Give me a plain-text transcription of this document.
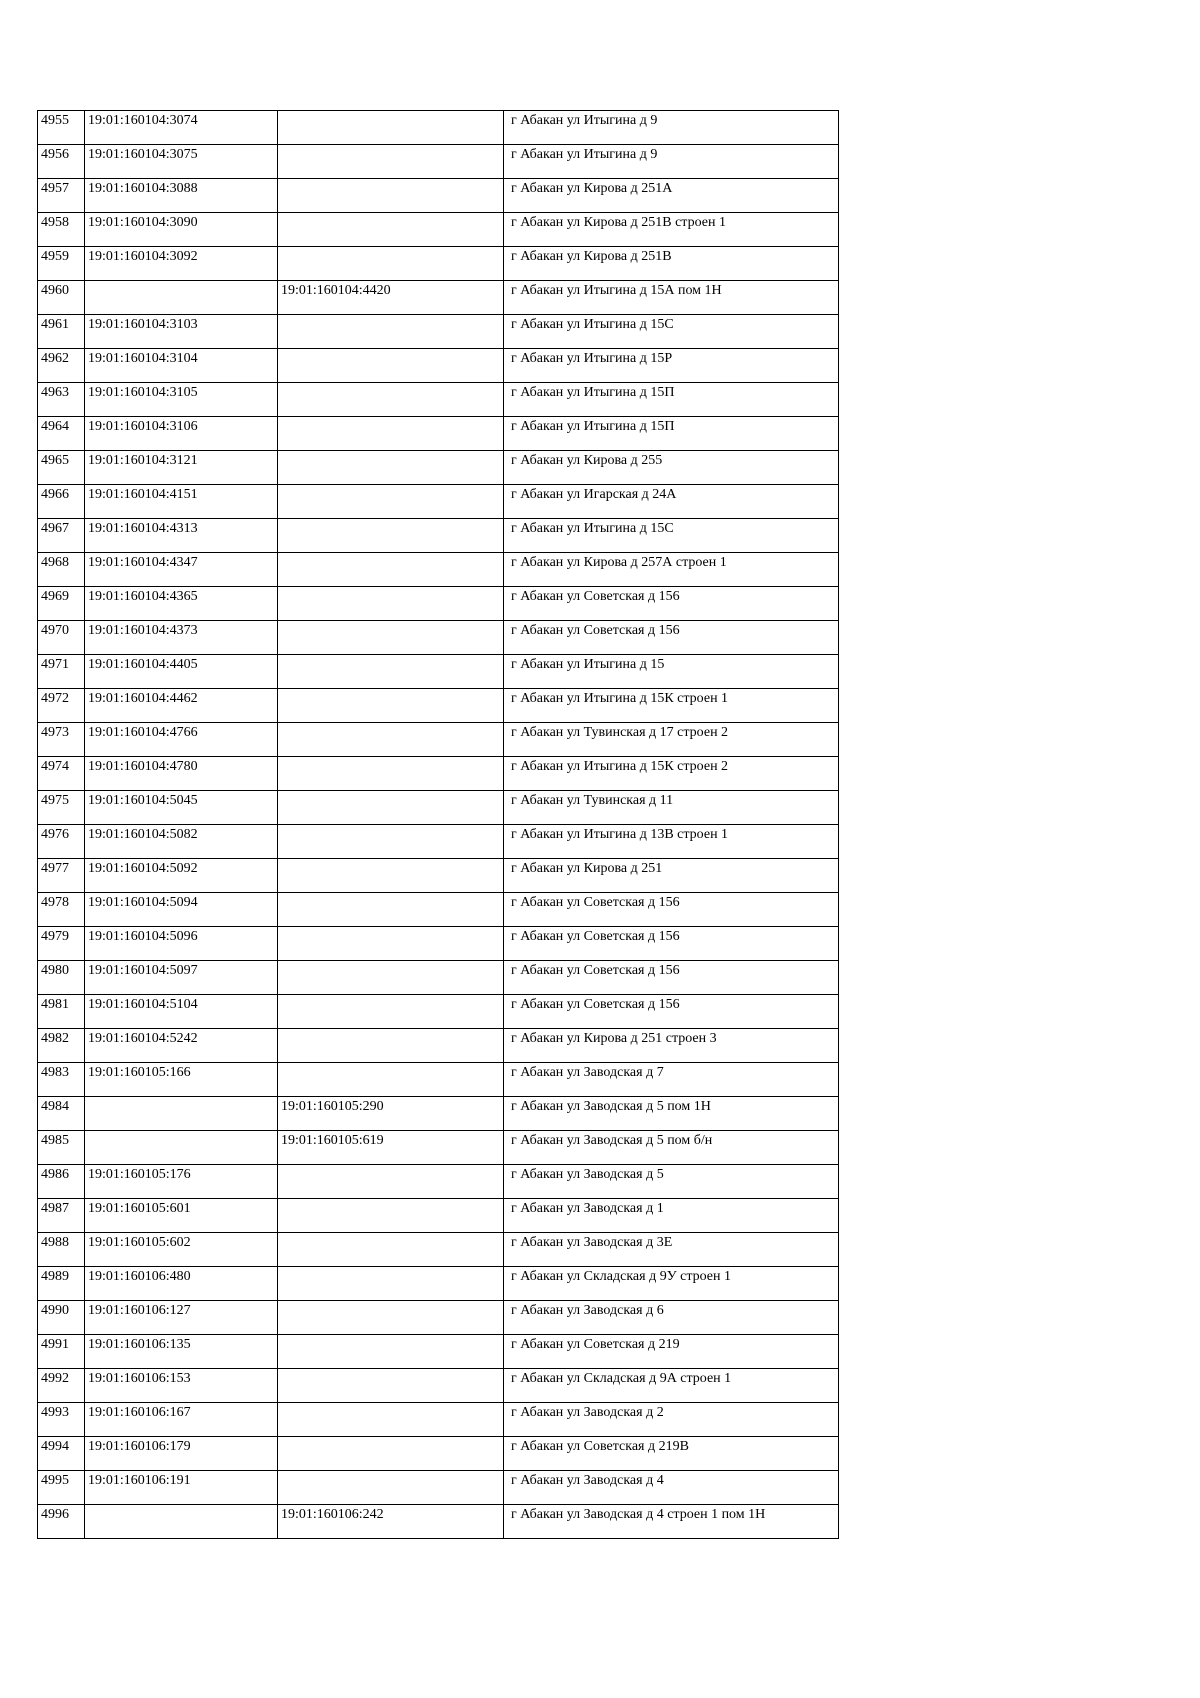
4955	19:01:160104:3074		г Абакан ул Итыгина д 9
4956	19:01:160104:3075		г Абакан ул Итыгина д 9
4957	19:01:160104:3088		г Абакан ул Кирова д 251А
4958	19:01:160104:3090		г Абакан ул Кирова д 251В строен 1
4959	19:01:160104:3092		г Абакан ул Кирова д 251В
4960		19:01:160104:4420	г Абакан ул Итыгина д 15А пом 1Н
4961	19:01:160104:3103		г Абакан ул Итыгина д 15С
4962	19:01:160104:3104		г Абакан ул Итыгина д 15Р
4963	19:01:160104:3105		г Абакан ул Итыгина д 15П
4964	19:01:160104:3106		г Абакан ул Итыгина д 15П
4965	19:01:160104:3121		г Абакан ул Кирова д 255
4966	19:01:160104:4151		г Абакан ул Игарская д 24А
4967	19:01:160104:4313		г Абакан ул Итыгина д 15С
4968	19:01:160104:4347		г Абакан ул Кирова д 257А строен 1
4969	19:01:160104:4365		г Абакан ул Советская д 156
4970	19:01:160104:4373		г Абакан ул Советская д 156
4971	19:01:160104:4405		г Абакан ул Итыгина д 15
4972	19:01:160104:4462		г Абакан ул Итыгина д 15К строен 1
4973	19:01:160104:4766		г Абакан ул Тувинская д 17 строен 2
4974	19:01:160104:4780		г Абакан ул Итыгина д 15К строен 2
4975	19:01:160104:5045		г Абакан ул Тувинская д 11
4976	19:01:160104:5082		г Абакан ул Итыгина д 13В строен 1
4977	19:01:160104:5092		г Абакан ул Кирова д 251
4978	19:01:160104:5094		г Абакан ул Советская д 156
4979	19:01:160104:5096		г Абакан ул Советская д 156
4980	19:01:160104:5097		г Абакан ул Советская д 156
4981	19:01:160104:5104		г Абакан ул Советская д 156
4982	19:01:160104:5242		г Абакан ул Кирова д 251 строен 3
4983	19:01:160105:166		г Абакан ул Заводская д 7
4984		19:01:160105:290	г Абакан ул Заводская д 5 пом 1Н
4985		19:01:160105:619	г Абакан ул Заводская д 5 пом б/н
4986	19:01:160105:176		г Абакан ул Заводская д 5
4987	19:01:160105:601		г Абакан ул Заводская д 1
4988	19:01:160105:602		г Абакан ул Заводская д 3Е
4989	19:01:160106:480		г Абакан ул Складская д 9У строен 1
4990	19:01:160106:127		г Абакан ул Заводская д 6
4991	19:01:160106:135		г Абакан ул Советская д 219
4992	19:01:160106:153		г Абакан ул Складская д 9А строен 1
4993	19:01:160106:167		г Абакан ул Заводская д 2
4994	19:01:160106:179		г Абакан ул Советская д 219В
4995	19:01:160106:191		г Абакан ул Заводская д 4
4996		19:01:160106:242	г Абакан ул Заводская д 4 строен 1 пом 1Н
